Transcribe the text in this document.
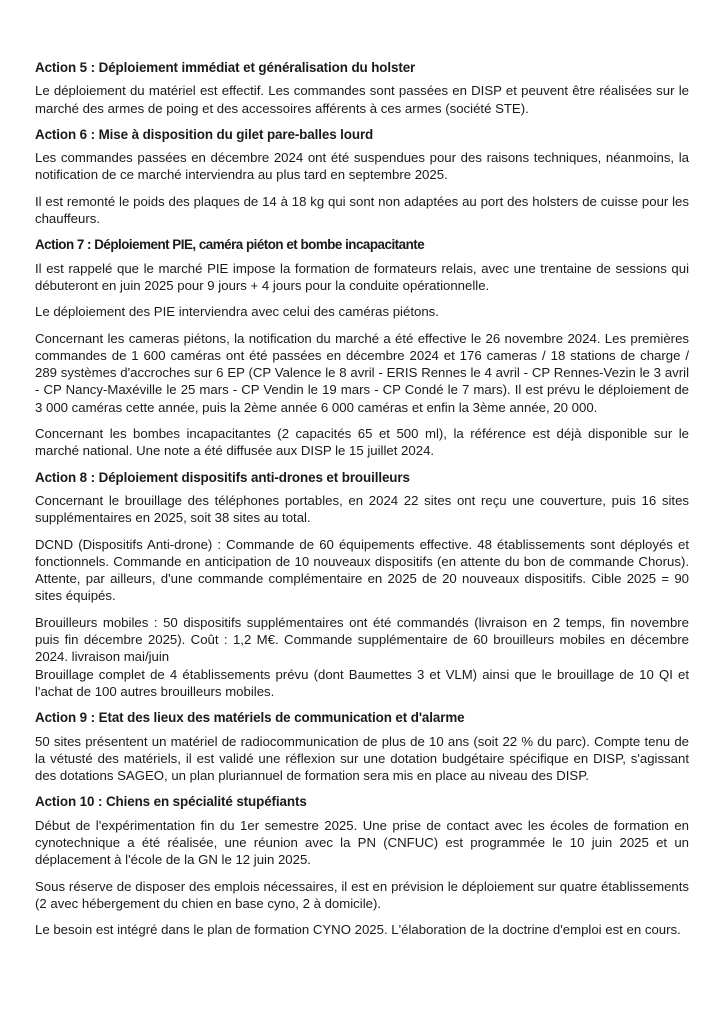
Action 5 : Déploiement immédiat et généralisation du holster

Le déploiement du matériel est effectif. Les commandes sont passées en DISP et peuvent être réalisées sur le marché des armes de poing et des accessoires afférents à ces armes (société STE).

Action 6 : Mise à disposition du gilet pare-balles lourd

Les commandes passées en décembre 2024 ont été suspendues pour des raisons techniques, néanmoins, la notification de ce marché interviendra au plus tard en septembre 2025.

Il est remonté le poids des plaques de 14 à 18 kg qui sont non adaptées au port des holsters de cuisse pour les chauffeurs.

Action 7 : Déploiement PIE, caméra piéton et bombe incapacitante

Il est rappelé que le marché PIE impose la formation de formateurs relais, avec une trentaine de sessions qui débuteront en juin 2025 pour 9 jours + 4 jours pour la conduite opérationnelle.

Le déploiement des PIE interviendra avec celui des caméras piétons.

Concernant les cameras piétons, la notification du marché a été effective le 26 novembre 2024. Les premières commandes de 1 600 caméras ont été passées en décembre 2024 et 176 cameras / 18 stations de charge / 289 systèmes d'accroches sur 6 EP (CP Valence le 8 avril - ERIS Rennes le 4 avril - CP Rennes-Vezin le 3 avril - CP Nancy-Maxéville le 25 mars - CP Vendin le 19 mars - CP Condé le 7 mars). Il est prévu le déploiement de 3 000 caméras cette année, puis la 2ème année 6 000 caméras et enfin la 3ème année, 20 000.

Concernant les bombes incapacitantes (2 capacités 65 et 500 ml), la référence est déjà disponible sur le marché national. Une note a été diffusée aux DISP le 15 juillet 2024.

Action 8 : Déploiement dispositifs anti-drones et brouilleurs

Concernant le brouillage des téléphones portables, en 2024 22 sites ont reçu une couverture, puis 16 sites supplémentaires en 2025, soit 38 sites au total.

DCND (Dispositifs Anti-drone) : Commande de 60 équipements effective. 48 établissements sont déployés et fonctionnels. Commande en anticipation de 10 nouveaux dispositifs (en attente du bon de commande Chorus). Attente, par ailleurs, d'une commande complémentaire en 2025 de 20 nouveaux dispositifs. Cible 2025 = 90 sites équipés.

Brouilleurs mobiles : 50 dispositifs supplémentaires ont été commandés (livraison en 2 temps, fin novembre puis fin décembre 2025). Coût : 1,2 M€. Commande supplémentaire de 60 brouilleurs mobiles en décembre 2024. livraison mai/juin

Brouillage complet de 4 établissements prévu (dont Baumettes 3 et VLM) ainsi que le brouillage de 10 QI et l'achat de 100 autres brouilleurs mobiles.

Action 9 : Etat des lieux des matériels de communication et d'alarme

50 sites présentent un matériel de radiocommunication de plus de 10 ans (soit 22 % du parc). Compte tenu de la vétusté des matériels, il est validé une réflexion sur une dotation budgétaire spécifique en DISP, s'agissant des dotations SAGEO, un plan pluriannuel de formation sera mis en place au niveau des DISP.

Action 10 : Chiens en spécialité stupéfiants

Début de l'expérimentation fin du 1er semestre 2025. Une prise de contact avec les écoles de formation en cynotechnique a été réalisée, une réunion avec la PN (CNFUC) est programmée le 10 juin 2025 et un déplacement à l'école de la GN le 12 juin 2025.

Sous réserve de disposer des emplois nécessaires, il est en prévision le déploiement sur quatre établissements (2 avec hébergement du chien en base cyno, 2 à domicile).

Le besoin est intégré dans le plan de formation CYNO 2025. L'élaboration de la doctrine d'emploi est en cours.
